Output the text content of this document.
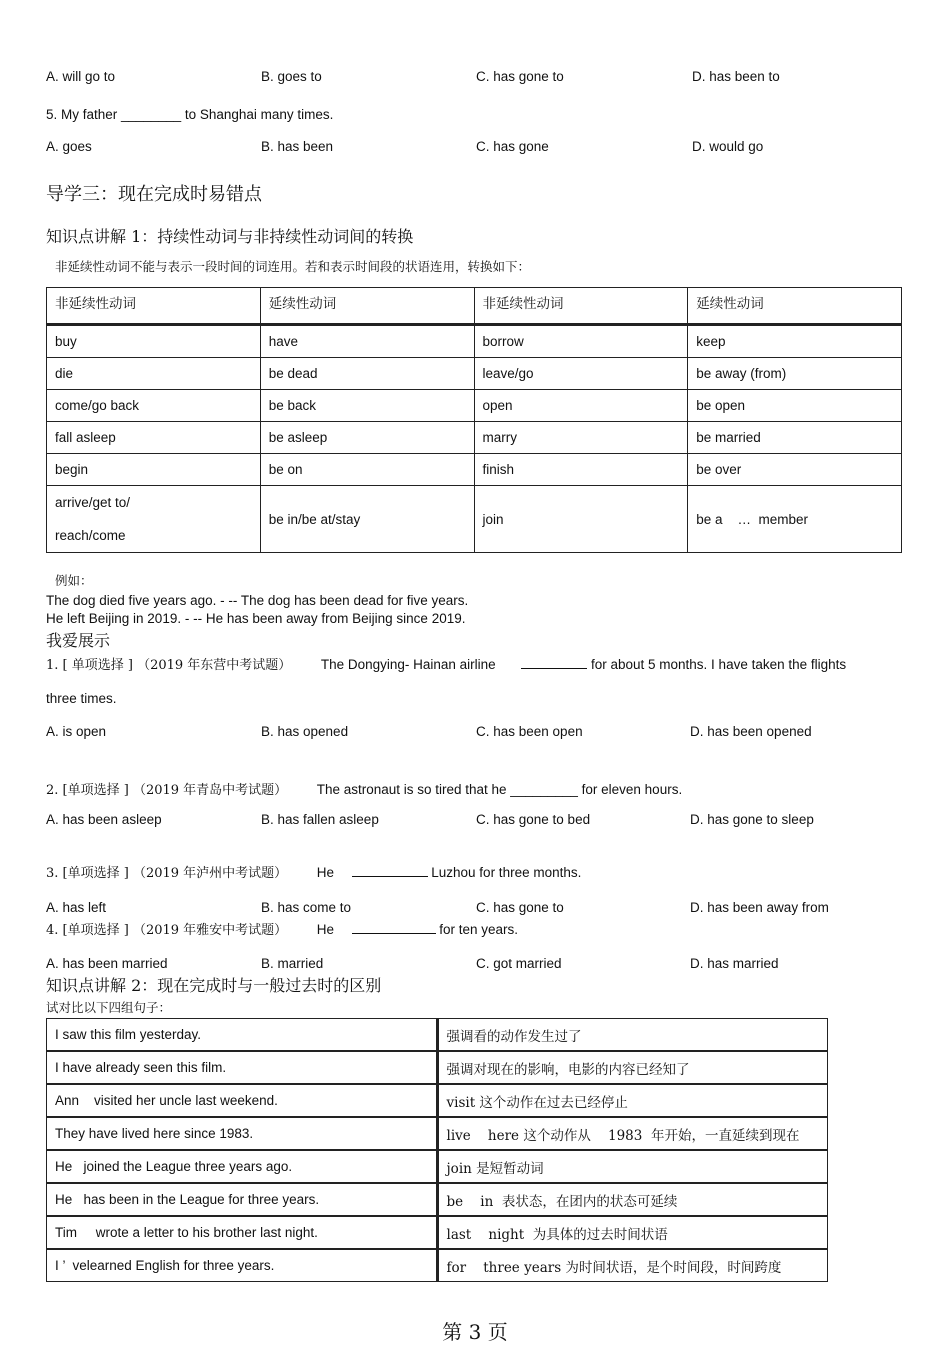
A. will go to	B. goes to	C. has gone to	D. has been to
5. My father ________ to Shanghai many times.
A. goes	B. has been	C. has gone	D. would go
导学三：现在完成时易错点
知识点讲解 1：持续性动词与非持续性动词间的转换
非延续性动词不能与表示一段时间的词连用。若和表示时间段的状语连用，转换如下：
非延续性动词	延续性动词	非延续性动词	延续性动词
buy	have	borrow	keep
die	be dead	leave/go	be away (from)
come/go back	be back	open	be open
fall asleep	be asleep	marry	be married
begin	be on	finish	be over

arrive/get to/
reach/come	be in/be at/stay	join	be a    …  member
例如：
The dog died five years ago. - -- The dog has been dead for five years.
He left Beijing in 2019. - -- He has been away from Beijing since 2019.
我爱展示
1. [ 单项选择 ] （2019 年东营中考试题） The Dongying- Hainan airline	for about 5 months. I have taken the flights
three times.
A. is open	B. has opened	C. has been open	D. has been opened
2. [单项选择 ] （2019 年青岛中考试题） The astronaut is so tired that he _________ for eleven hours.
A. has been asleep	B. has fallen asleep	C. has gone to bed	D. has gone to sleep
3. [单项选择 ] （2019 年泸州中考试题） He	Luzhou for three months.
A. has left	B. has come to	C. has gone to	D. has been away from
4. [单项选择 ] （2019 年雅安中考试题） He	for ten years.
A. has been married	B. married	C. got married	D. has married
知识点讲解 2：现在完成时与一般过去时的区别
试对比以下四组句子：
I saw this film yesterday.	强调看的动作发生过了
I have already seen this film.	强调对现在的影响，电影的内容已经知了
Ann    visited her uncle last weekend.	visit 这个动作在过去已经停止
They have lived here since 1983.	live    here 这个动作从    1983  年开始，一直延续到现在
He   joined the League three years ago.	join 是短暂动词
He   has been in the League for three years.	be    in  表状态，在团内的状态可延续
Tim     wrote a letter to his brother last night.	last    night  为具体的过去时间状语
I ’  velearned English for three years.	for    three years 为时间状语，是个时间段，时间跨度
第 3 页
